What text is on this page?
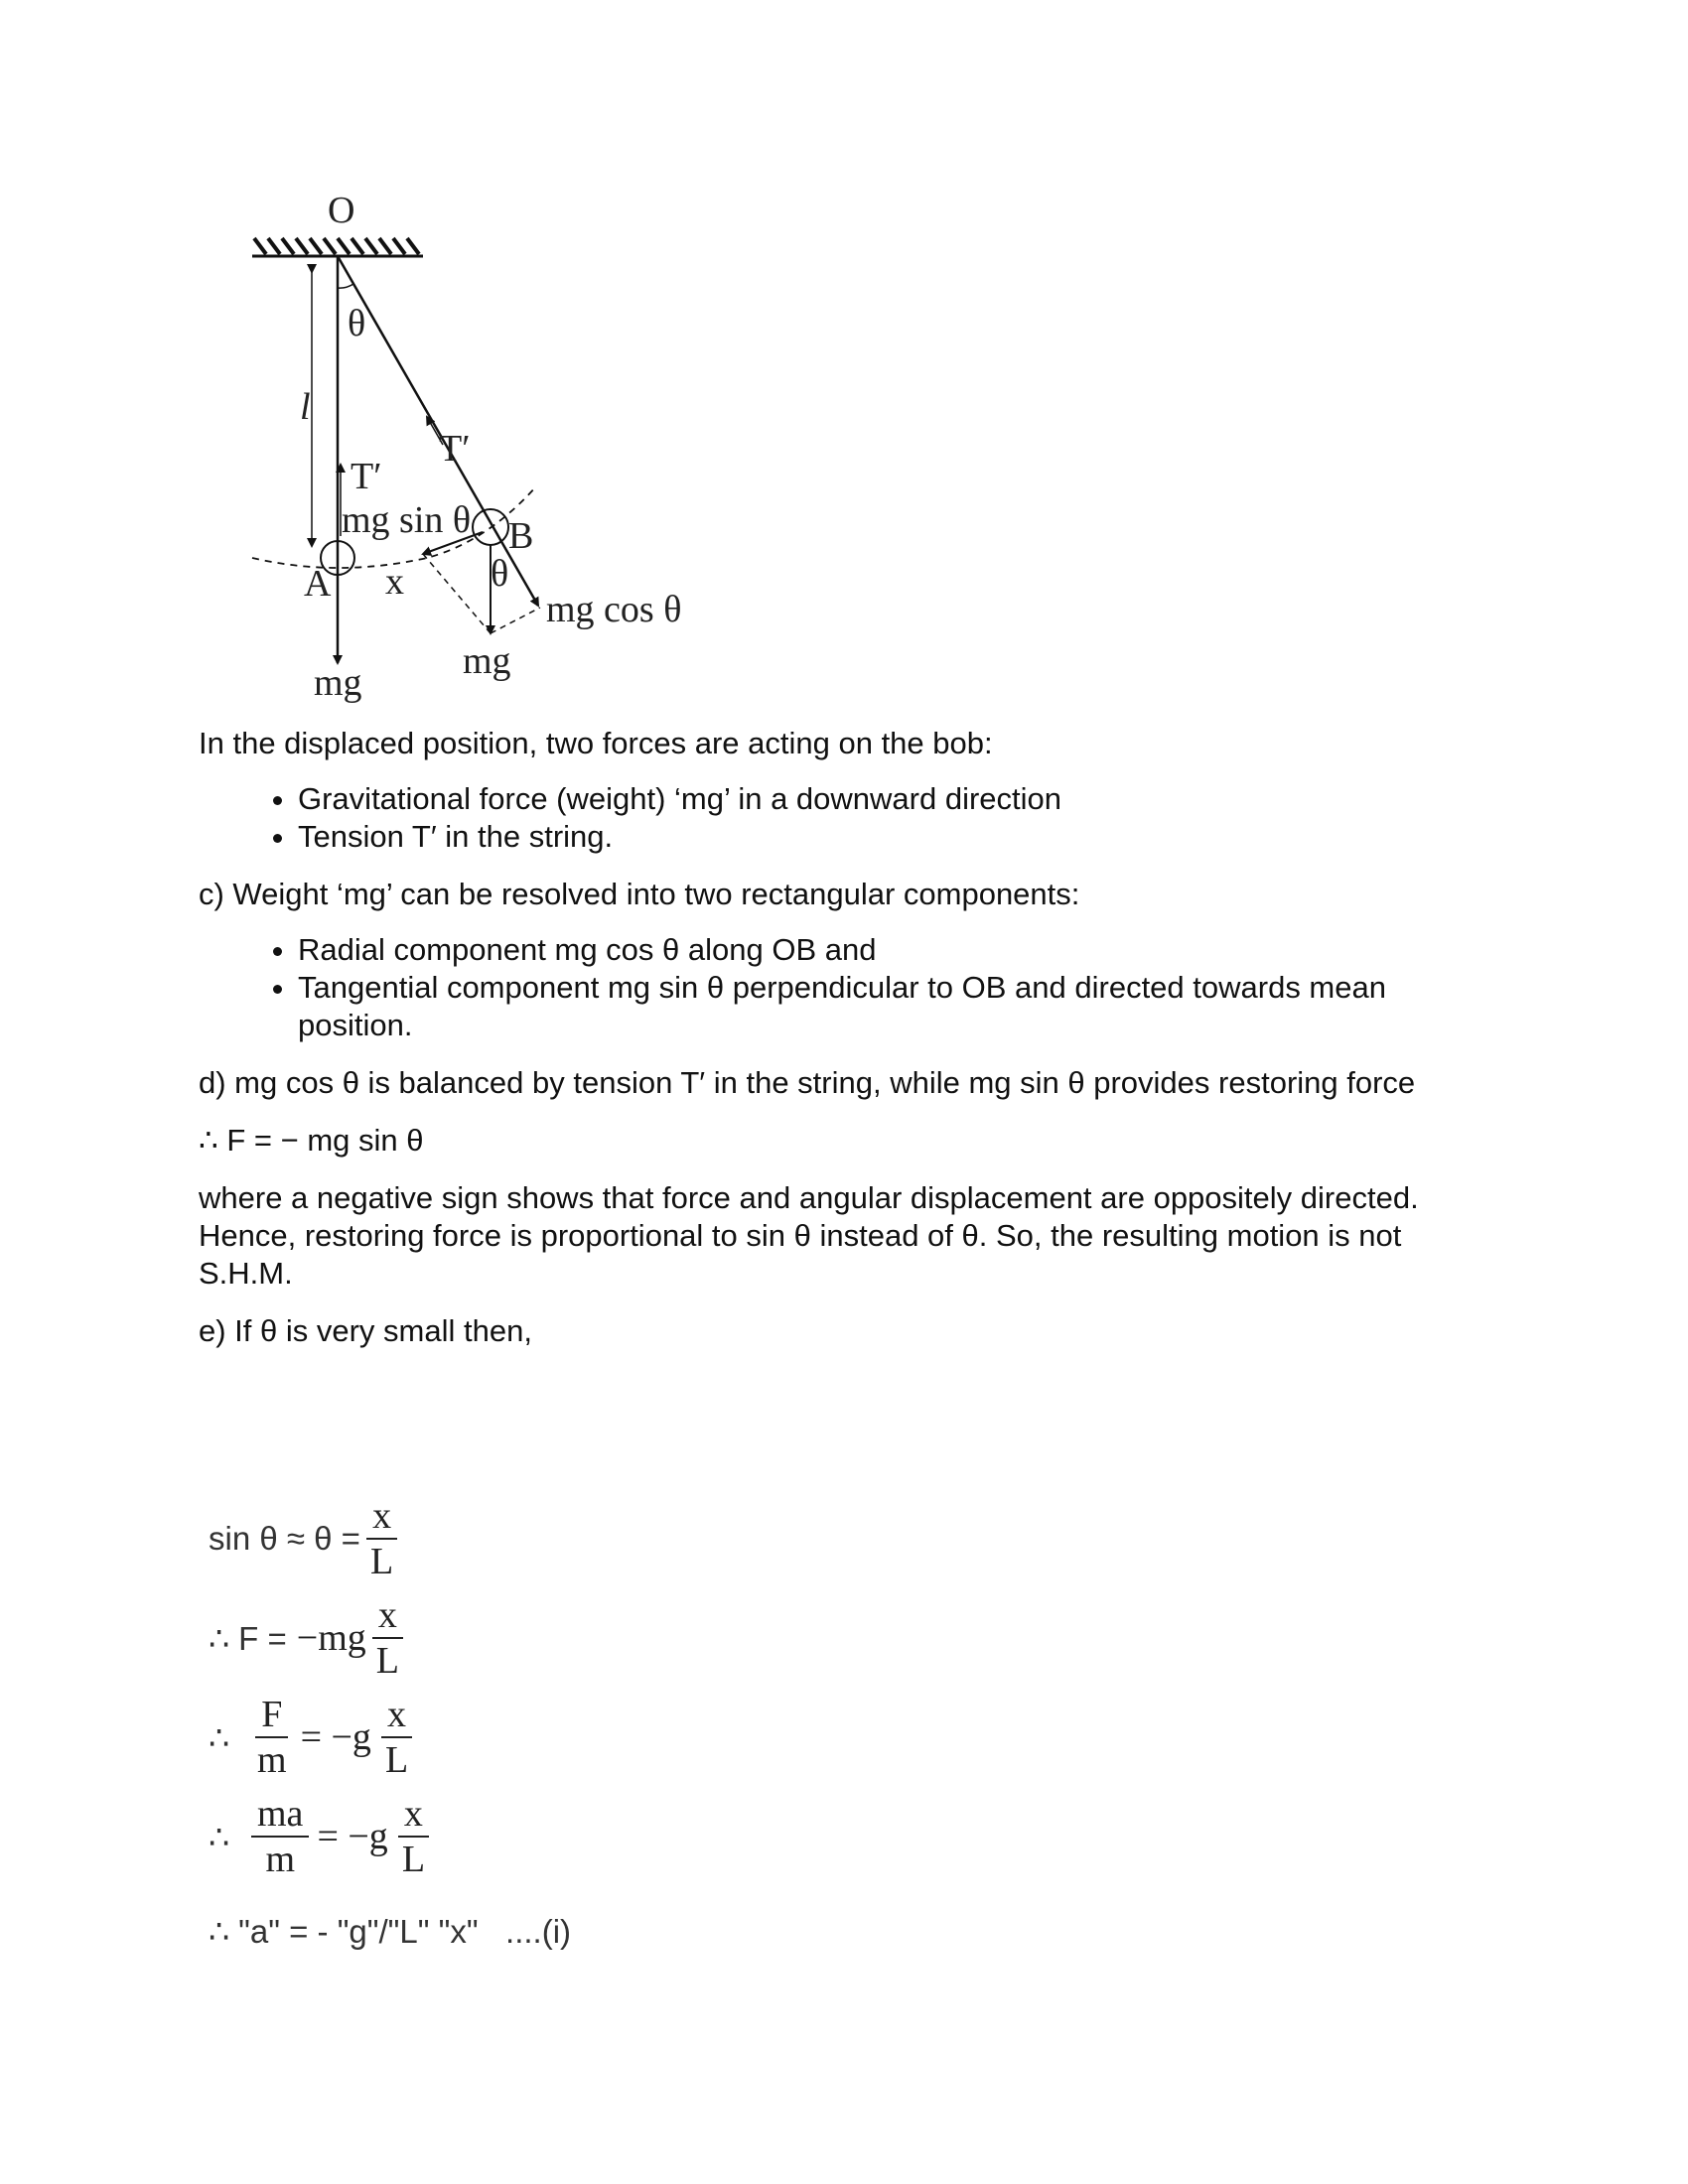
O
θ
l
T′
T′
A
B
mg sin θ
x θ
mg
mg cos θ
mg

In the displaced position, two forces are acting on the bob:

• Gravitational force (weight) ‘mg’ in a downward direction
• Tension T′ in the string.

c) Weight ‘mg’ can be resolved into two rectangular components:

• Radial component mg cos θ along OB and
• Tangential component mg sin θ perpendicular to OB and directed towards mean position.

d) mg cos θ is balanced by tension T′ in the string, while mg sin θ provides restoring force

∴ F = − mg sin θ

where a negative sign shows that force and angular displacement are oppositely directed.

Hence, restoring force is proportional to sin θ instead of θ. So, the resulting motion is not

S.H.M.

e) If θ is very small then,

$\sin \theta \approx \theta = \frac{x}{L}$
∴ $F = -mg \frac{x}{L}$
∴ $\frac{F}{m} = -g \frac{x}{L}$
∴ $\frac{ma}{m} = -g \frac{x}{L}$
∴ "a" = - "g"/"L" "x"   ....(i)
